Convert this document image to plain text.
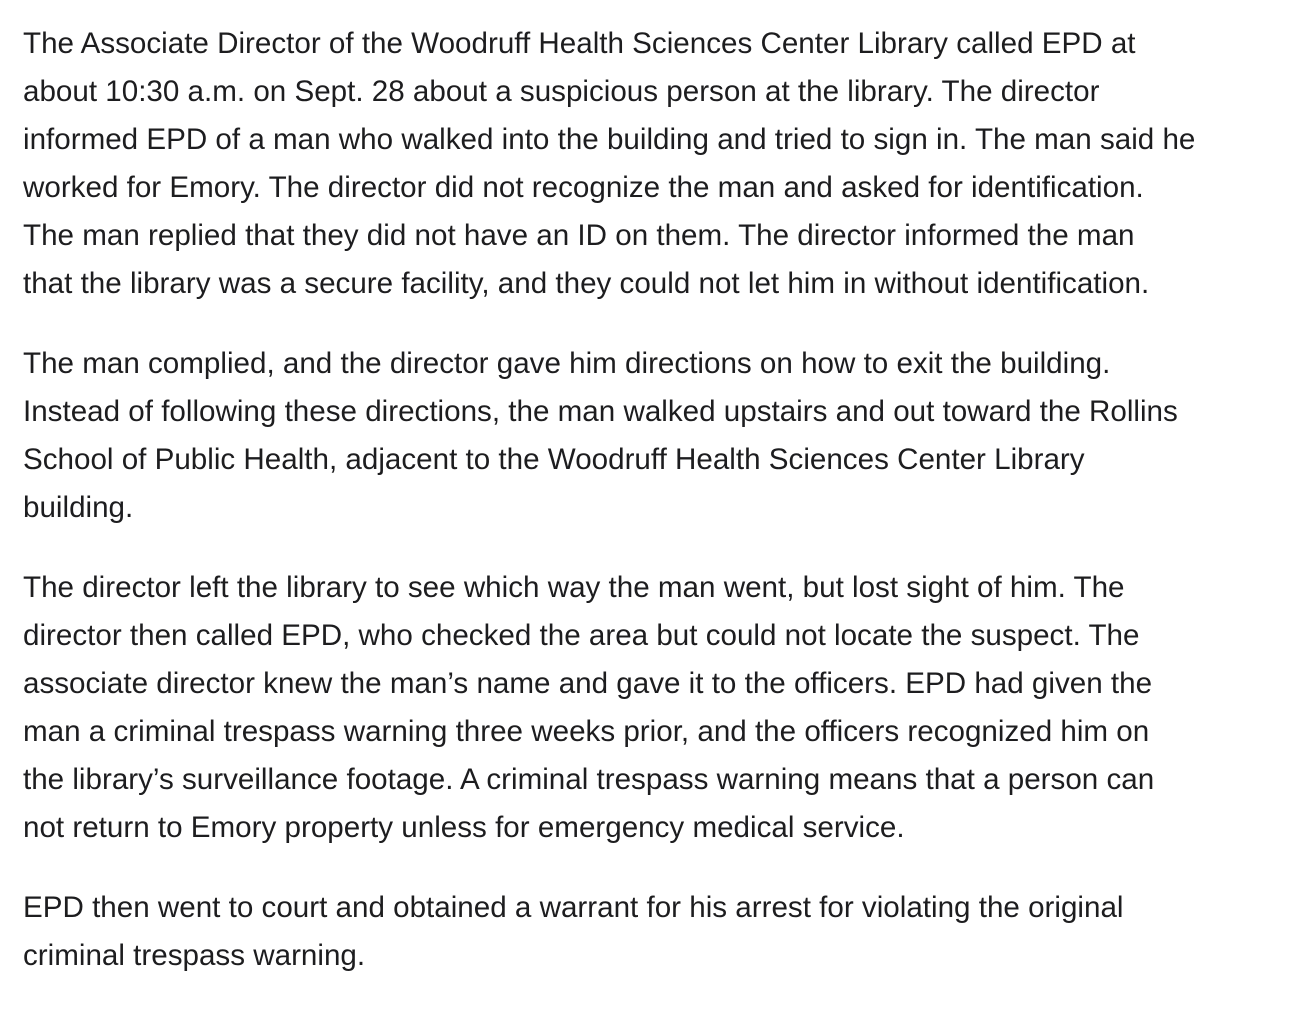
The Associate Director of the Woodruff Health Sciences Center Library called EPD at
about 10:30 a.m. on Sept. 28 about a suspicious person at the library. The director
informed EPD of a man who walked into the building and tried to sign in. The man said he
worked for Emory. The director did not recognize the man and asked for identification.
The man replied that they did not have an ID on them. The director informed the man
that the library was a secure facility, and they could not let him in without identification.

The man complied, and the director gave him directions on how to exit the building.
Instead of following these directions, the man walked upstairs and out toward the Rollins
School of Public Health, adjacent to the Woodruff Health Sciences Center Library
building.

The director left the library to see which way the man went, but lost sight of him. The
director then called EPD, who checked the area but could not locate the suspect. The
associate director knew the man’s name and gave it to the officers. EPD had given the
man a criminal trespass warning three weeks prior, and the officers recognized him on
the library’s surveillance footage. A criminal trespass warning means that a person can
not return to Emory property unless for emergency medical service.

EPD then went to court and obtained a warrant for his arrest for violating the original
criminal trespass warning.
